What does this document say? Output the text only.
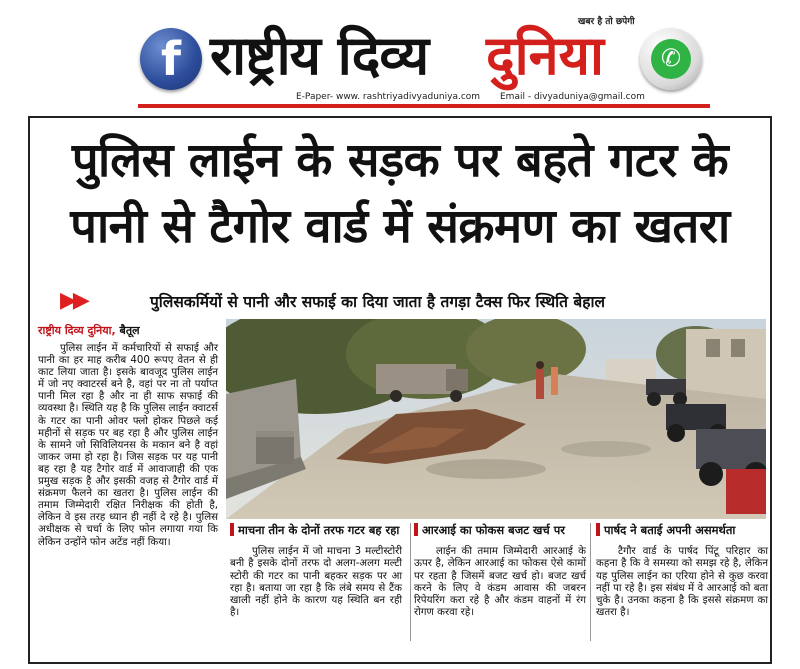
f राष्ट्रीय दिव्य दुनिया
खबर है तो छपेगी
✆
E-Paper- www. rashtriyadivyaduniya.com Email - divyaduniya@gmail.com
पुलिस लाईन के सड़क पर बहते गटर के
पानी से टैगोर वार्ड में संक्रमण का खतरा
▶▶	पुलिसकर्मियों से पानी और सफाई का दिया जाता है तगड़ा टैक्स फिर स्थिति बेहाल
राष्ट्रीय दिव्य दुनिया, बैतूल
पुलिस लाईन में कर्मचारियों से सफाई और पानी का हर माह करीब 400 रूपए वेतन से ही काट लिया जाता है। इसके बावजूद पुलिस लाईन में जो नए क्वाटरर्स बने है, वहां पर ना तो पर्याप्त पानी मिल रहा है और ना ही साफ सफाई की व्यवस्था है। स्थिति यह है कि पुलिस लाईन क्वाटर्स के गटर का पानी ओवर फ्लो होकर पिछले कई महीनों से सड़क पर बह रहा है और पुलिस लाईन के सामने जो सिविलियनस के मकान बने है वहां जाकर जमा हो रहा है। जिस सड़क पर यह पानी बह रहा है यह टैगोर वार्ड में आवाजाही की एक प्रमुख सड़क है और इसकी वजह से टैगोर वार्ड में संक्रमण फैलने का खतरा है। पुलिस लाईन की तमाम जिम्मेदारी रक्षित निरीक्षक की होती है, लेकिन वे इस तरह ध्यान ही नहीं दे रहे है। पुलिस अधीक्षक से चर्चा के लिए फोन लगाया गया कि लेकिन उन्होंने फोन अटेंड नहीं किया।
माचना तीन के दोनों तरफ गटर बह रहा
पुलिस लाईन में जो माचना 3 मल्टीस्टोरी बनी है इसके दोनों तरफ दो अलग-अलग मल्टी स्टोरी की गटर का पानी बहकर सड़क पर आ रहा है। बताया जा रहा है कि लंबे समय से टैंक खाली नहीं होने के कारण यह स्थिति बन रही है।
आरआई का फोकस बजट खर्च पर
लाईन की तमाम जिम्मेदारी आरआई के ऊपर है, लेकिन आरआई का फोकस ऐसे कामों पर रहता है जिसमें बजट खर्च हो। बजट खर्च करने के लिए वे कंडम आवास की जबरन रिपेयरिंग करा रहे है और कंडम वाहनों में रंग रोगण करवा रहे।
पार्षद ने बताई अपनी असमर्थता
टैगौर वार्ड के पार्षद पिंटू परिहार का कहना है कि वे समस्या को समझ रहे है, लेकिन यह पुलिस लाईन का एरिया होने से कुछ करवा नहीं पा रहे है। इस संबंध में वे आरआई को बता चुके है। उनका कहना है कि इससे संक्रमण का खतरा है।
